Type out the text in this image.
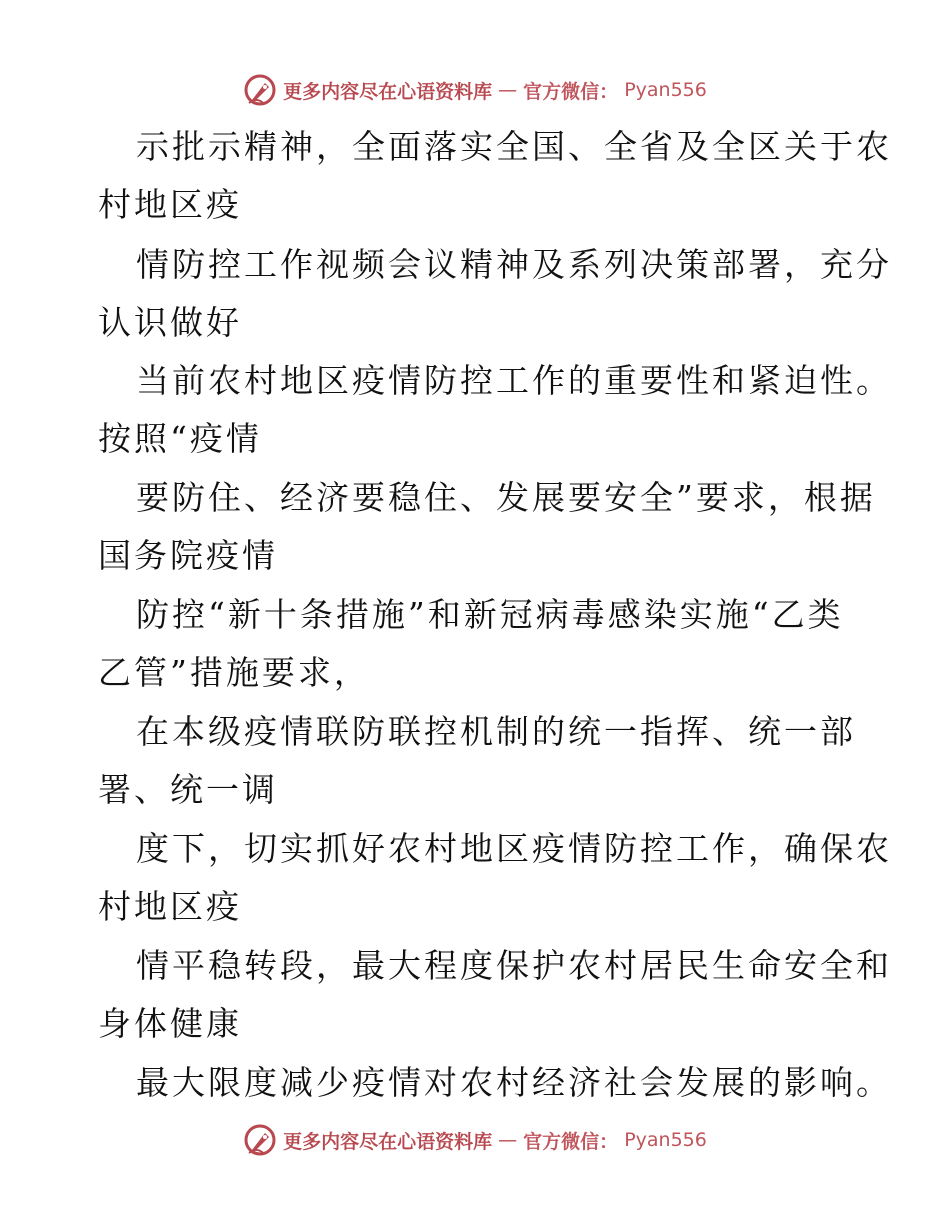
更多内容尽在心语资料库 — 官方微信： Pyan556
示批示精神，全面落实全国、全省及全区关于农
村地区疫
情防控工作视频会议精神及系列决策部署，充分
认识做好
当前农村地区疫情防控工作的重要性和紧迫性。
按照“疫情
要防住、经济要稳住、发展要安全”要求，根据
国务院疫情
防控“新十条措施”和新冠病毒感染实施“乙类
乙管”措施要求，
在本级疫情联防联控机制的统一指挥、统一部
署、统一调
度下，切实抓好农村地区疫情防控工作，确保农
村地区疫
情平稳转段，最大程度保护农村居民生命安全和
身体健康
最大限度减少疫情对农村经济社会发展的影响。
更多内容尽在心语资料库 — 官方微信： Pyan556
